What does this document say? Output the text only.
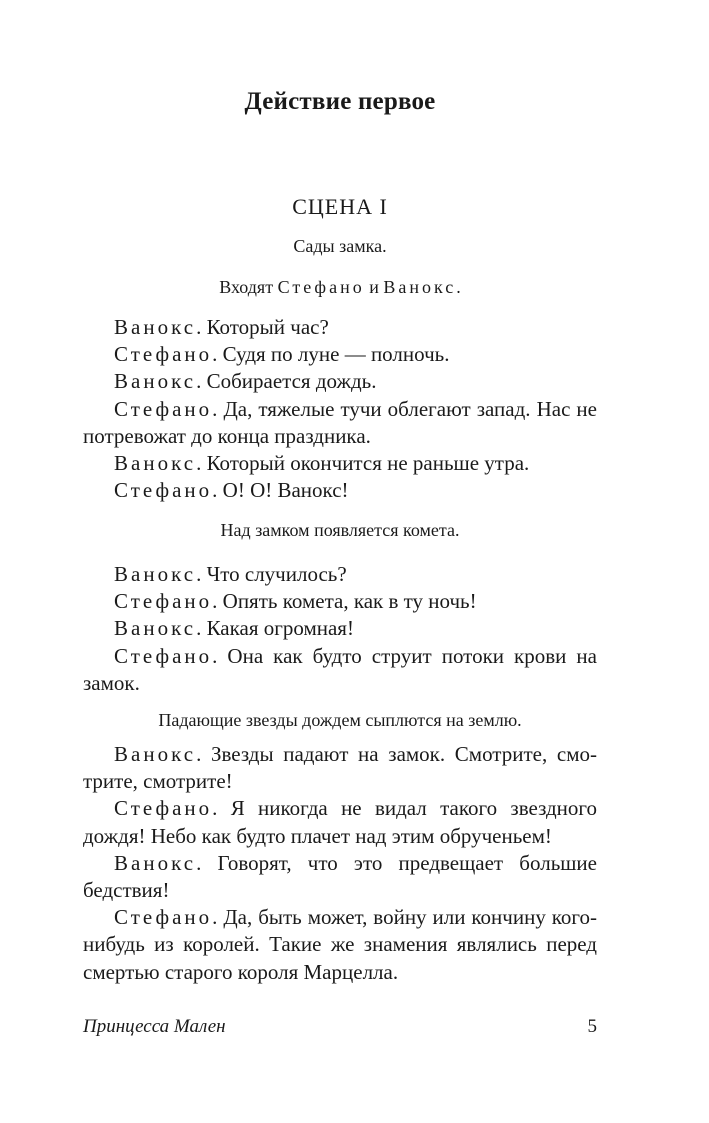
Действие первое
СЦЕНА I
Сады замка.
Входят Стефано и Ванокс.

Ванокс. Который час?

Стефано. Судя по луне — полночь.

Ванокс. Собирается дождь.

Стефано. Да, тяжелые тучи облегают запад. Нас не потревожат до конца праздника.

Ванокс. Который окончится не раньше утра.

Стефано. О! О! Ванокс!

Над замком появляется комета.

Ванокс. Что случилось?

Стефано. Опять комета, как в ту ночь!

Ванокс. Какая огромная!

Стефано. Она как будто струит потоки крови на замок.

Падающие звезды дождем сыплются на землю.

Ванокс. Звезды падают на замок. Смотрите, смо-трите, смотрите!

Стефано. Я никогда не видал такого звездного дождя! Небо как будто плачет над этим обрученьем!

Ванокс. Говорят, что это предвещает большие бедствия!

Стефано. Да, быть может, войну или кончину кого-нибудь из королей. Такие же знамения являлись перед смертью старого короля Марцелла.

Принцесса Мален	5
